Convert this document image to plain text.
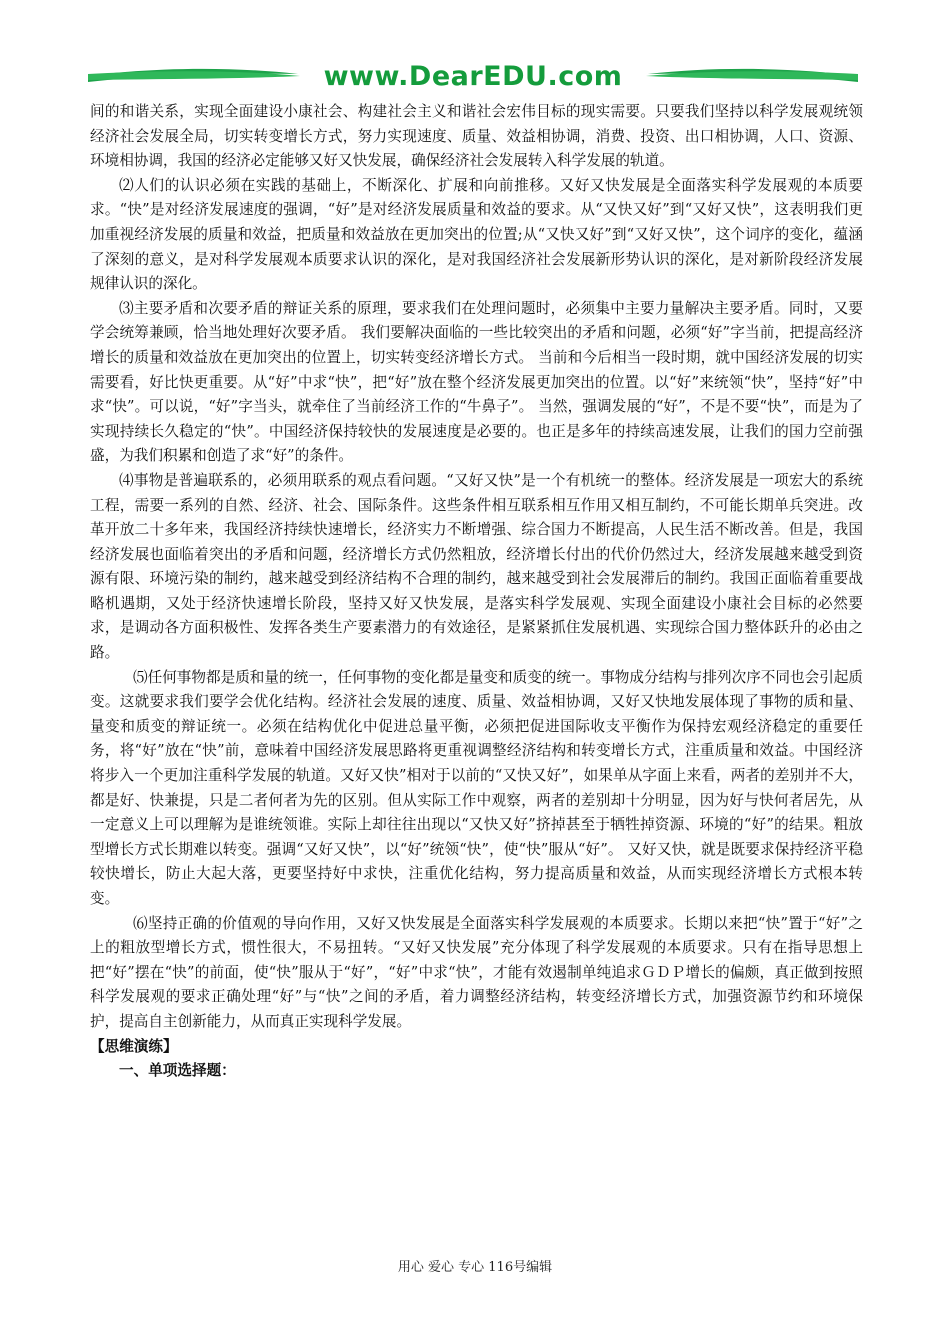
www.DearEDU.com

间的和谐关系，实现全面建设小康社会、构建社会主义和谐社会宏伟目标的现实需要。只要我们坚持以科学发展观统领经济社会发展全局，切实转变增长方式，努力实现速度、质量、效益相协调，消费、投资、出口相协调，人口、资源、环境相协调，我国的经济必定能够又好又快发展，确保经济社会发展转入科学发展的轨道。

⑵人们的认识必须在实践的基础上，不断深化、扩展和向前推移。又好又快发展是全面落实科学发展观的本质要求。“快”是对经济发展速度的强调，“好”是对经济发展质量和效益的要求。从“又快又好”到“又好又快”，这表明我们更加重视经济发展的质量和效益，把质量和效益放在更加突出的位置;从“又快又好”到“又好又快”，这个词序的变化，蕴涵了深刻的意义，是对科学发展观本质要求认识的深化，是对我国经济社会发展新形势认识的深化，是对新阶段经济发展规律认识的深化。

⑶主要矛盾和次要矛盾的辩证关系的原理，要求我们在处理问题时，必须集中主要力量解决主要矛盾。同时，又要学会统筹兼顾，恰当地处理好次要矛盾。 我们要解决面临的一些比较突出的矛盾和问题，必须“好”字当前，把提高经济增长的质量和效益放在更加突出的位置上，切实转变经济增长方式。 当前和今后相当一段时期，就中国经济发展的切实需要看，好比快更重要。从“好”中求“快”，把“好”放在整个经济发展更加突出的位置。以“好”来统领“快”，坚持“好”中求“快”。可以说，“好”字当头，就牵住了当前经济工作的“牛鼻子”。 当然，强调发展的“好”，不是不要“快”，而是为了实现持续长久稳定的“快”。中国经济保持较快的发展速度是必要的。也正是多年的持续高速发展，让我们的国力空前强盛，为我们积累和创造了求“好”的条件。

⑷事物是普遍联系的，必须用联系的观点看问题。“又好又快”是一个有机统一的整体。经济发展是一项宏大的系统工程，需要一系列的自然、经济、社会、国际条件。这些条件相互联系相互作用又相互制约，不可能长期单兵突进。改革开放二十多年来，我国经济持续快速增长，经济实力不断增强、综合国力不断提高，人民生活不断改善。但是，我国经济发展也面临着突出的矛盾和问题，经济增长方式仍然粗放，经济增长付出的代价仍然过大，经济发展越来越受到资源有限、环境污染的制约，越来越受到经济结构不合理的制约，越来越受到社会发展滞后的制约。我国正面临着重要战略机遇期，又处于经济快速增长阶段，坚持又好又快发展，是落实科学发展观、实现全面建设小康社会目标的必然要求，是调动各方面积极性、发挥各类生产要素潜力的有效途径，是紧紧抓住发展机遇、实现综合国力整体跃升的必由之路。

⑸任何事物都是质和量的统一，任何事物的变化都是量变和质变的统一。事物成分结构与排列次序不同也会引起质变。这就要求我们要学会优化结构。经济社会发展的速度、质量、效益相协调，又好又快地发展体现了事物的质和量、量变和质变的辩证统一。必须在结构优化中促进总量平衡，必须把促进国际收支平衡作为保持宏观经济稳定的重要任务，将“好”放在“快”前，意味着中国经济发展思路将更重视调整经济结构和转变增长方式，注重质量和效益。中国经济将步入一个更加注重科学发展的轨道。又好又快”相对于以前的“又快又好”，如果单从字面上来看，两者的差别并不大，都是好、快兼提，只是二者何者为先的区别。但从实际工作中观察，两者的差别却十分明显，因为好与快何者居先，从一定意义上可以理解为是谁统领谁。实际上却往往出现以“又快又好”挤掉甚至于牺牲掉资源、环境的“好”的结果。粗放型增长方式长期难以转变。强调“又好又快”，以“好”统领“快”，使“快”服从“好”。 又好又快，就是既要求保持经济平稳较快增长，防止大起大落，更要坚持好中求快，注重优化结构，努力提高质量和效益，从而实现经济增长方式根本转变。

⑹坚持正确的价值观的导向作用，又好又快发展是全面落实科学发展观的本质要求。长期以来把“快”置于“好”之上的粗放型增长方式，惯性很大，不易扭转。“又好又快发展”充分体现了科学发展观的本质要求。只有在指导思想上把“好”摆在“快”的前面，使“快”服从于“好”，“好”中求“快”，才能有效遏制单纯追求ＧＤＰ增长的偏颇，真正做到按照科学发展观的要求正确处理“好”与“快”之间的矛盾，着力调整经济结构，转变经济增长方式，加强资源节约和环境保护，提高自主创新能力，从而真正实现科学发展。

【思维演练】

一、单项选择题：

用心 爱心 专心 116号编辑
